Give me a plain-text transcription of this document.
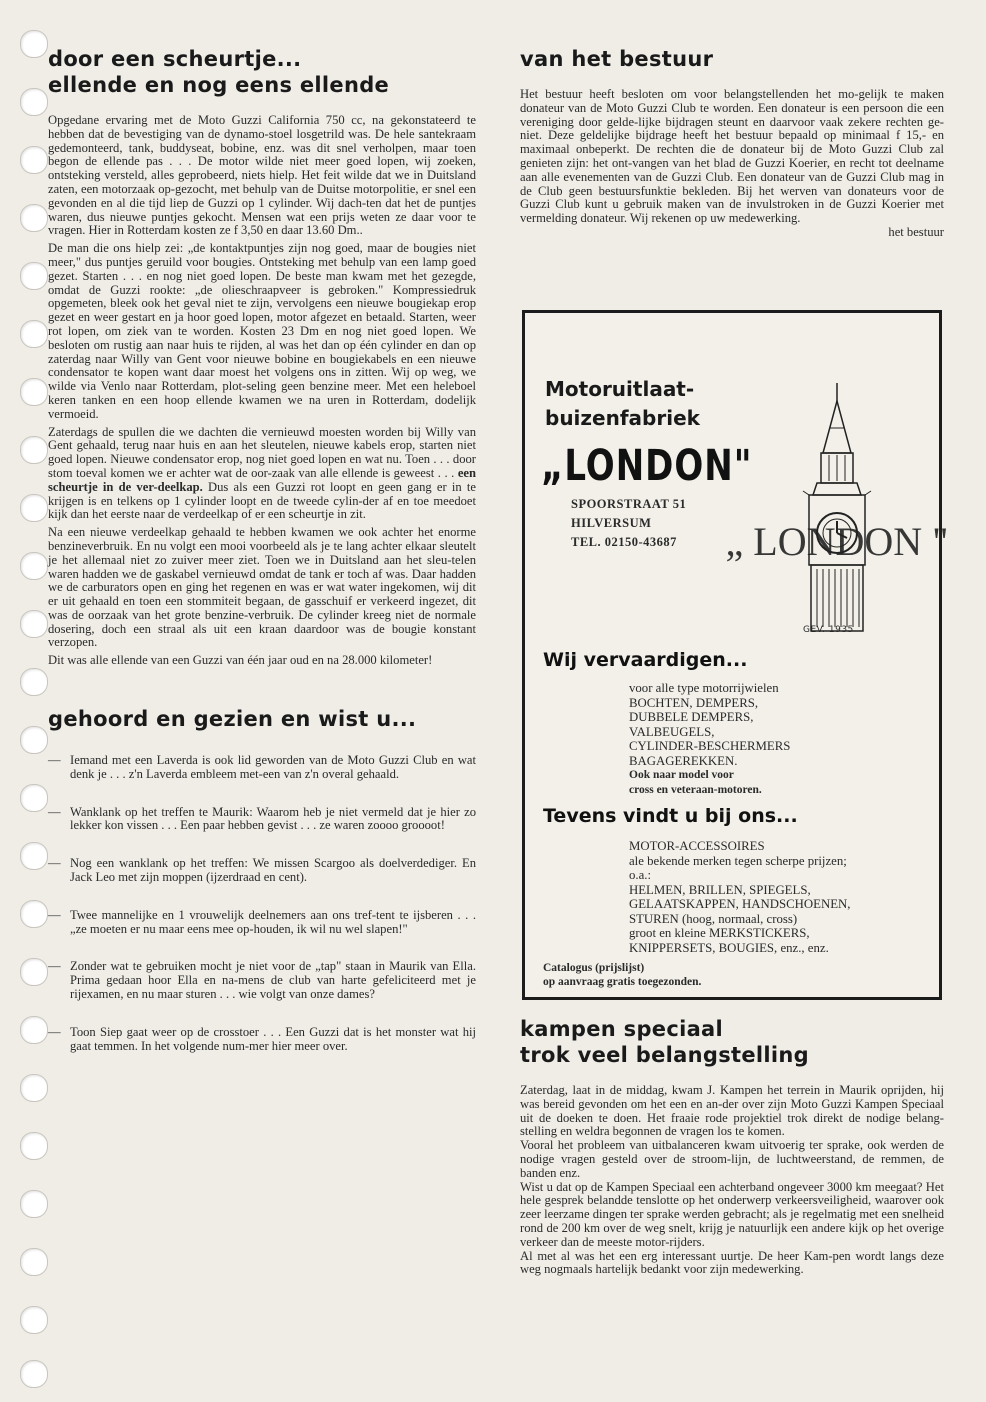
door een scheurtje...
ellende en nog eens ellende

Opgedane ervaring met de Moto Guzzi California 750 cc, na gekonstateerd te hebben dat de bevestiging van de dynamo-stoel losgetrild was. De hele santekraam gedemonteerd, tank, buddyseat, bobine, enz. was dit snel verholpen, maar toen begon de ellende pas . . . De motor wilde niet meer goed lopen, wij zoeken, ontsteking versteld, alles geprobeerd, niets hielp. Het feit wilde dat we in Duitsland zaten, een motorzaak op-gezocht, met behulp van de Duitse motorpolitie, er snel een gevonden en al die tijd liep de Guzzi op 1 cylinder. Wij dach-ten dat het de puntjes waren, dus nieuwe puntjes gekocht. Mensen wat een prijs weten ze daar voor te vragen. Hier in Rotterdam kosten ze f 3,50 en daar 13.60 Dm..

De man die ons hielp zei: „de kontaktpuntjes zijn nog goed, maar de bougies niet meer," dus puntjes geruild voor bougies. Ontsteking met behulp van een lamp goed gezet. Starten . . . en nog niet goed lopen. De beste man kwam met het gezegde, omdat de Guzzi rookte: „de olieschraapveer is gebroken." Kompressiedruk opgemeten, bleek ook het geval niet te zijn, vervolgens een nieuwe bougiekap erop gezet en weer gestart en ja hoor goed lopen, motor afgezet en betaald. Starten, weer rot lopen, om ziek van te worden. Kosten 23 Dm en nog niet goed lopen. We besloten om rustig aan naar huis te rijden, al was het dan op één cylinder en dan op zaterdag naar Willy van Gent voor nieuwe bobine en bougiekabels en een nieuwe condensator te kopen want daar moest het volgens ons in zitten. Wij op weg, we wilde via Venlo naar Rotterdam, plot-seling geen benzine meer. Met een heleboel keren tanken en een hoop ellende kwamen we na uren in Rotterdam, dodelijk vermoeid.

Zaterdags de spullen die we dachten die vernieuwd moesten worden bij Willy van Gent gehaald, terug naar huis en aan het sleutelen, nieuwe kabels erop, starten niet goed lopen. Nieuwe condensator erop, nog niet goed lopen en wat nu. Toen . . . door stom toeval komen we er achter wat de oor-zaak van alle ellende is geweest . . . een scheurtje in de ver-deelkap. Dus als een Guzzi rot loopt en geen gang er in te krijgen is en telkens op 1 cylinder loopt en de tweede cylin-der af en toe meedoet kijk dan het eerste naar de verdeelkap of er een scheurtje in zit.

Na een nieuwe verdeelkap gehaald te hebben kwamen we ook achter het enorme benzineverbruik. En nu volgt een mooi voorbeeld als je te lang achter elkaar sleutelt je het allemaal niet zo zuiver meer ziet. Toen we in Duitsland aan het sleu-telen waren hadden we de gaskabel vernieuwd omdat de tank er toch af was. Daar hadden we de carburators open en ging het regenen en was er wat water ingekomen, wij dit er uit gehaald en toen een stommiteit begaan, de gasschuif er verkeerd ingezet, dit was de oorzaak van het grote benzine-verbruik. De cylinder kreeg niet de normale dosering, doch een straal als uit een kraan daardoor was de bougie konstant verzopen.

Dit was alle ellende van een Guzzi van één jaar oud en na 28.000 kilometer!

gehoord en gezien en wist u...
— Iemand met een Laverda is ook lid geworden van de Moto Guzzi Club en wat denk je . . . z'n Laverda embleem met-een van z'n overal gehaald.
— Wanklank op het treffen te Maurik: Waarom heb je niet vermeld dat je hier zo lekker kon vissen . . . Een paar hebben gevist . . . ze waren zoooo groooot!
— Nog een wanklank op het treffen: We missen Scargoo als doelverdediger. En Jack Leo met zijn moppen (ijzerdraad en cent).
— Twee mannelijke en 1 vrouwelijk deelnemers aan ons tref-tent te ijsberen . . . „ze moeten er nu maar eens mee op-houden, ik wil nu wel slapen!"
— Zonder wat te gebruiken mocht je niet voor de „tap" staan in Maurik van Ella. Prima gedaan hoor Ella en na-mens de club van harte gefeliciteerd met je rijexamen, en nu maar sturen . . . wie volgt van onze dames?
— Toon Siep gaat weer op de crosstoer . . . Een Guzzi dat is het monster wat hij gaat temmen. In het volgende num-mer hier meer over.
van het bestuur

Het bestuur heeft besloten om voor belangstellenden het mo-gelijk te maken donateur van de Moto Guzzi Club te worden. Een donateur is een persoon die een vereniging door gelde-lijke bijdragen steunt en daarvoor vaak zekere rechten ge-niet. Deze geldelijke bijdrage heeft het bestuur bepaald op minimaal f 15,- en maximaal onbeperkt. De rechten die de donateur bij de Moto Guzzi Club zal genieten zijn: het ont-vangen van het blad de Guzzi Koerier, en recht tot deelname aan alle evenementen van de Guzzi Club. Een donateur van de Guzzi Club mag in de Club geen bestuursfunktie bekleden. Bij het werven van donateurs voor de Guzzi Club kunt u gebruik maken van de invulstroken in de Guzzi Koerier met vermelding donateur. Wij rekenen op uw medewerking.

het bestuur
Motoruitlaat-
buizenfabriek
„LONDON"
SPOORSTRAAT 51
HILVERSUM
TEL. 02150-43687 „ LONDON "
GEV. 1935
Wij vervaardigen...
voor alle type motorrijwielen
BOCHTEN, DEMPERS,
DUBBELE DEMPERS,
VALBEUGELS,
CYLINDER-BESCHERMERS
BAGAGEREKKEN.
Ook naar model voor
cross en veteraan-motoren.
Tevens vindt u bij ons...
MOTOR-ACCESSOIRES
ale bekende merken tegen scherpe prijzen;
o.a.:
HELMEN, BRILLEN, SPIEGELS,
GELAATSKAPPEN, HANDSCHOENEN,
STUREN (hoog, normaal, cross)
groot en kleine MERKSTICKERS,
KNIPPERSETS, BOUGIES, enz., enz.
Catalogus (prijslijst)
op aanvraag gratis toegezonden.
kampen speciaal
trok veel belangstelling

Zaterdag, laat in de middag, kwam J. Kampen het terrein in Maurik oprijden, hij was bereid gevonden om het een en an-der over zijn Moto Guzzi Kampen Speciaal uit de doeken te doen. Het fraaie rode projektiel trok direkt de nodige belang-stelling en weldra begonnen de vragen los te komen.

Vooral het probleem van uitbalanceren kwam uitvoerig ter sprake, ook werden de nodige vragen gesteld over de stroom-lijn, de luchtweerstand, de remmen, de banden enz.

Wist u dat op de Kampen Speciaal een achterband ongeveer 3000 km meegaat? Het hele gesprek belandde tenslotte op het onderwerp verkeersveiligheid, waarover ook zeer leerzame dingen ter sprake werden gebracht; als je regelmatig met een snelheid rond de 200 km over de weg snelt, krijg je natuurlijk een andere kijk op het overige verkeer dan de meeste motor-rijders.

Al met al was het een erg interessant uurtje. De heer Kam-pen wordt langs deze weg nogmaals hartelijk bedankt voor zijn medewerking.
